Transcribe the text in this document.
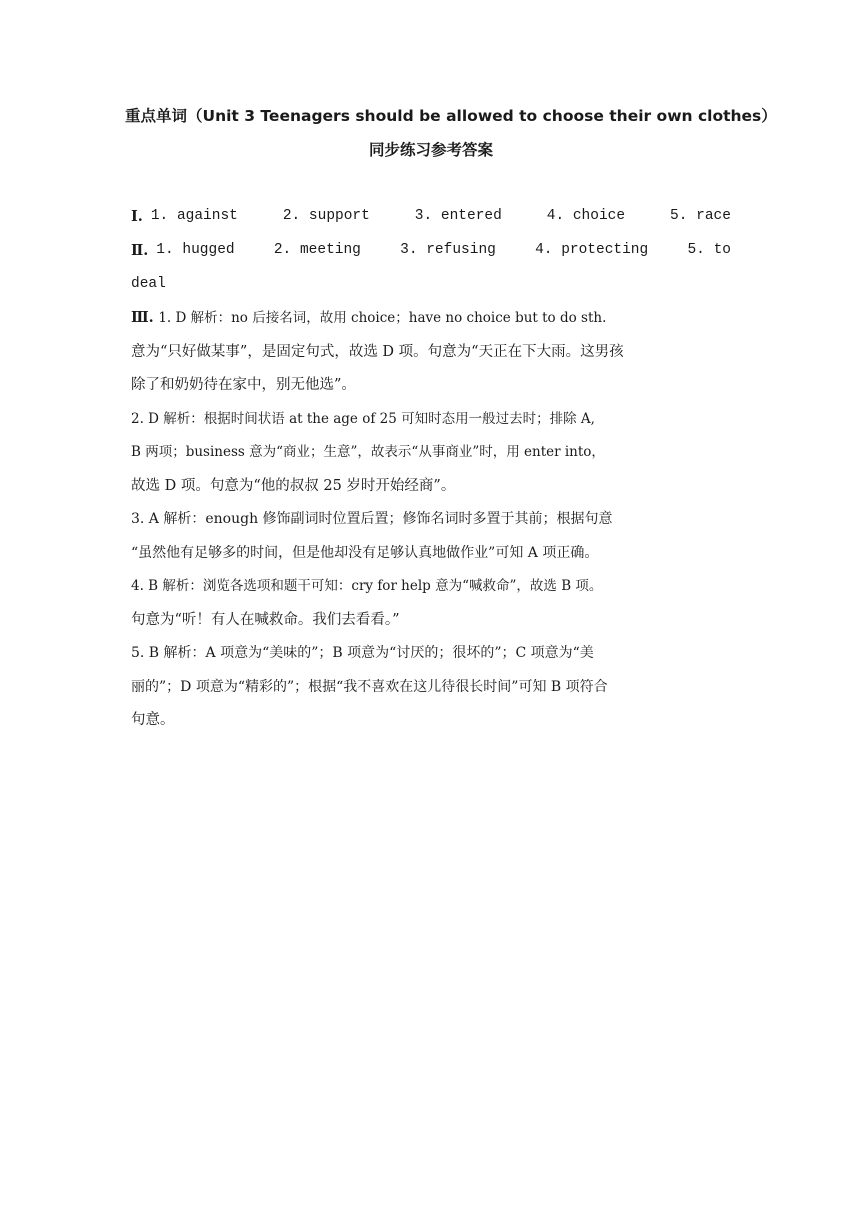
重点单词（Unit 3 Teenagers should be allowed to choose their own clothes）
同步练习参考答案
Ⅰ. 1. against	2. support	3. entered	4. choice	5. race
Ⅱ. 1. hugged	2. meeting	3. refusing	4. protecting	5. to
deal
Ⅲ. 1. D 解析：no 后接名词，故用 choice；have no choice but to do sth.
意为“只好做某事”，是固定句式，故选 D 项。句意为“天正在下大雨。这男孩
除了和奶奶待在家中，别无他选”。
2. D 解析：根据时间状语 at the age of 25 可知时态用一般过去时；排除 A,
B 两项；business 意为“商业；生意”，故表示“从事商业”时，用 enter into，
故选 D 项。句意为“他的叔叔 25 岁时开始经商”。
3. A 解析：enough 修饰副词时位置后置；修饰名词时多置于其前；根据句意
“虽然他有足够多的时间，但是他却没有足够认真地做作业”可知 A 项正确。
4. B 解析：浏览各选项和题干可知：cry for help 意为“喊救命”，故选 B 项。
句意为“听！有人在喊救命。我们去看看。”
5. B 解析：A 项意为“美味的”；B 项意为“讨厌的；很坏的”；C 项意为“美
丽的”；D 项意为“精彩的”；根据“我不喜欢在这儿待很长时间”可知 B 项符合
句意。
